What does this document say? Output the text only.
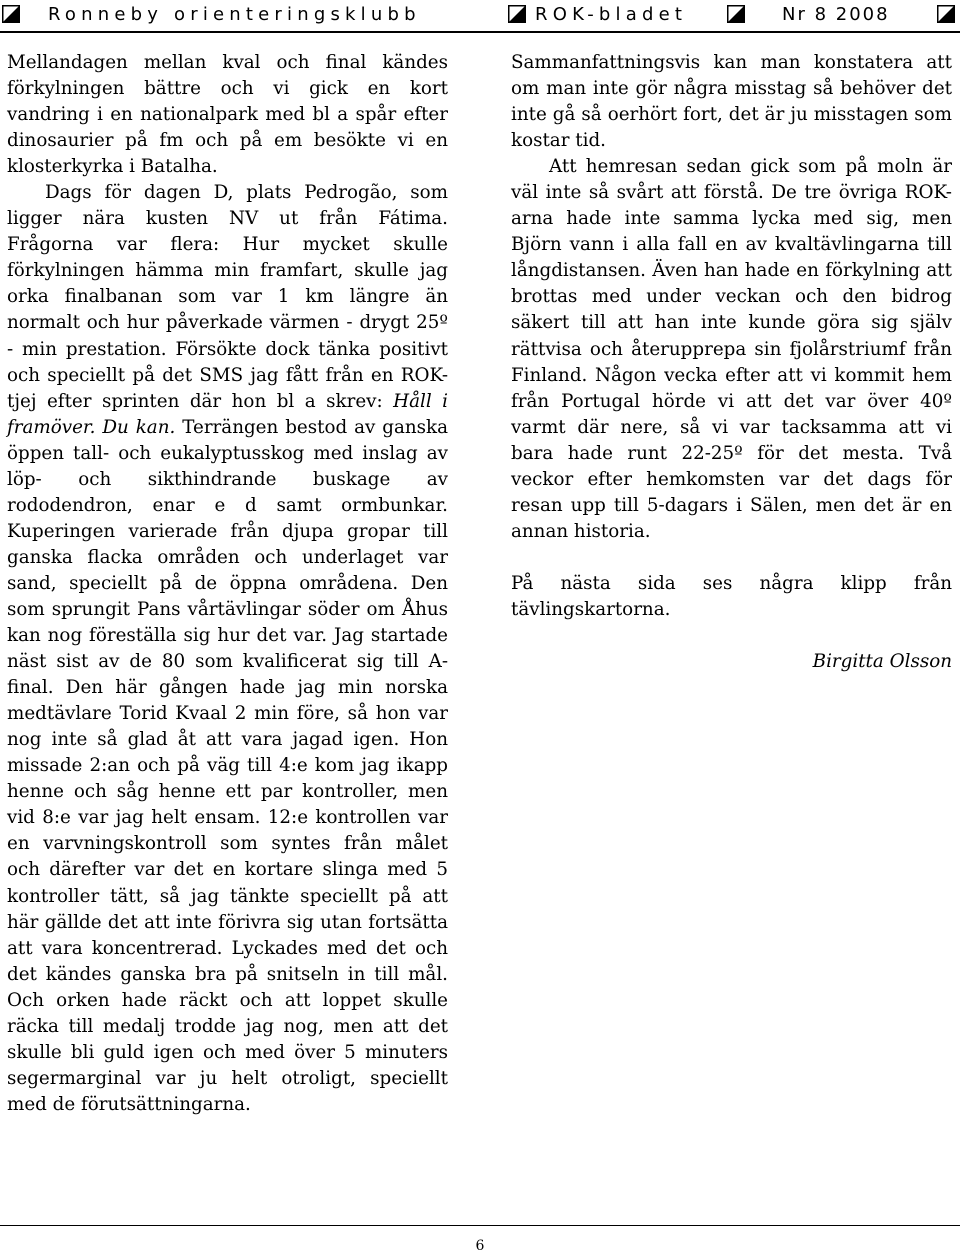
Ronneby orienteringsklubb	ROK-bladet	Nr 8 2008

Mellandagen mellan kval och final kändes förkylningen bättre och vi gick en kort vandring i en nationalpark med bl a spår efter dinosaurier på fm och på em besökte vi en klosterkyrka i Batalha.

Dags för dagen D, plats Pedrogão, som ligger nära kusten NV ut från Fátima. Frågorna var flera: Hur mycket skulle förkylningen hämma min framfart, skulle jag orka finalbanan som var 1 km längre än normalt och hur påverkade värmen - drygt 25º - min prestation. Försökte dock tänka positivt och speciellt på det SMS jag fått från en ROK-tjej efter sprinten där hon bl a skrev: Håll i framöver. Du kan. Terrängen bestod av ganska öppen tall- och eukalyptusskog med inslag av löp- och sikthindrande buskage av rododendron, enar e d samt ormbunkar. Kuperingen varierade från djupa gropar till ganska flacka områden och underlaget var sand, speciellt på de öppna områdena. Den som sprungit Pans vårtävlingar söder om Åhus kan nog föreställa sig hur det var. Jag startade näst sist av de 80 som kvalificerat sig till A-final. Den här gången hade jag min norska medtävlare Torid Kvaal 2 min före, så hon var nog inte så glad åt att vara jagad igen. Hon missade 2:an och på väg till 4:e kom jag ikapp henne och såg henne ett par kontroller, men vid 8:e var jag helt ensam. 12:e kontrollen var en varvningskontroll som syntes från målet och därefter var det en kortare slinga med 5 kontroller tätt, så jag tänkte speciellt på att här gällde det att inte förivra sig utan fortsätta att vara koncentrerad. Lyckades med det och det kändes ganska bra på snitseln in till mål. Och orken hade räckt och att loppet skulle räcka till medalj trodde jag nog, men att det skulle bli guld igen och med över 5 minuters segermarginal var ju helt otroligt, speciellt med de förutsättningarna.

Sammanfattningsvis kan man konstatera att om man inte gör några misstag så behöver det inte gå så oerhört fort, det är ju misstagen som kostar tid.

Att hemresan sedan gick som på moln är väl inte så svårt att förstå. De tre övriga ROK-arna hade inte samma lycka med sig, men Björn vann i alla fall en av kvaltävlingarna till långdistansen. Även han hade en förkylning att brottas med under veckan och den bidrog säkert till att han inte kunde göra sig själv rättvisa och återupprepa sin fjolårstriumf från Finland. Någon vecka efter att vi kommit hem från Portugal hörde vi att det var över 40º varmt där nere, så vi var tacksamma att vi bara hade runt 22-25º för det mesta. Två veckor efter hemkomsten var det dags för resan upp till 5-dagars i Sälen, men det är en annan historia.

På nästa sida ses några klipp från tävlingskartorna.

Birgitta Olsson

6
